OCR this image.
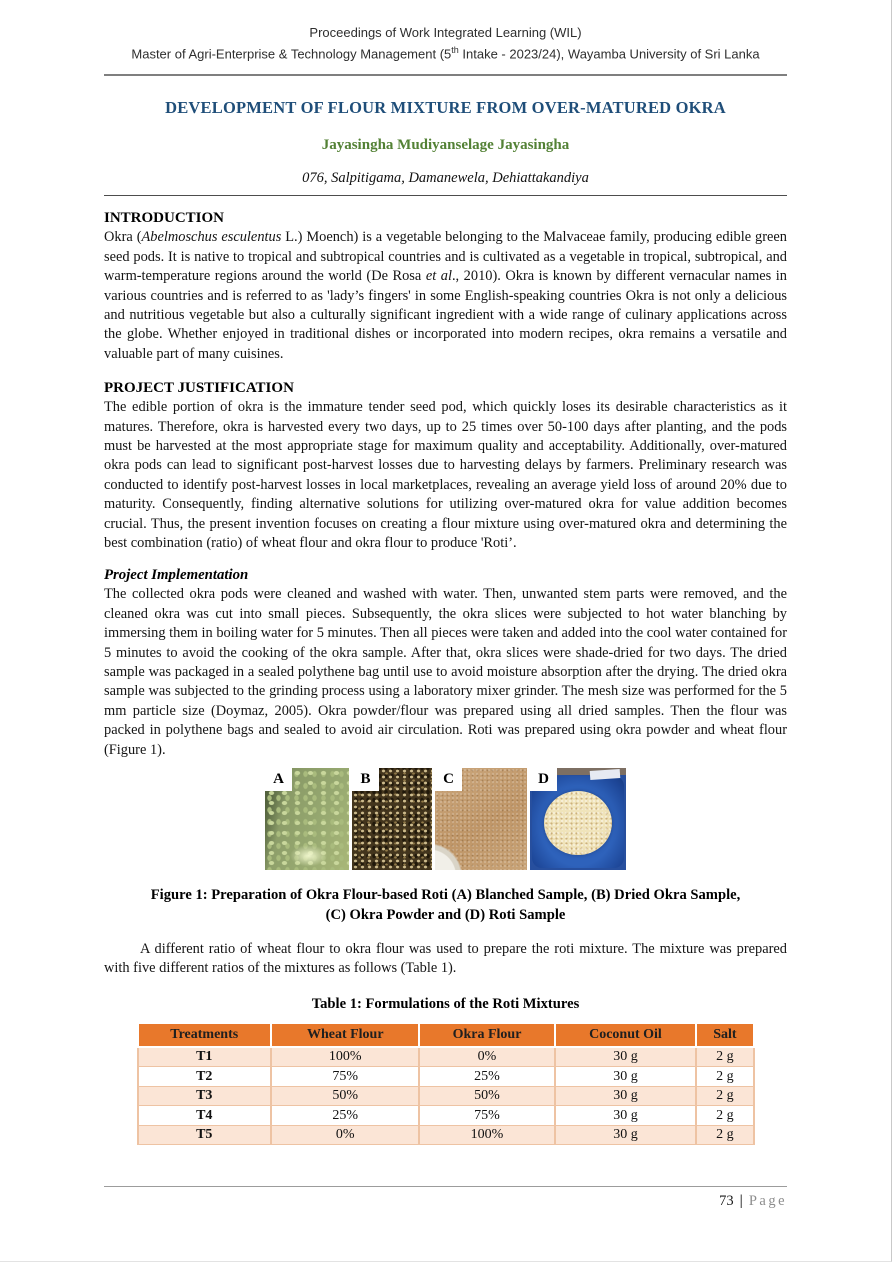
Proceedings of Work Integrated Learning (WIL)
Master of Agri-Enterprise & Technology Management (5th Intake - 2023/24), Wayamba University of Sri Lanka
DEVELOPMENT OF FLOUR MIXTURE FROM OVER-MATURED OKRA
Jayasingha Mudiyanselage Jayasingha
076, Salpitigama, Damanewela, Dehiattakandiya
INTRODUCTION

Okra (Abelmoschus esculentus L.) Moench) is a vegetable belonging to the Malvaceae family, producing edible green seed pods. It is native to tropical and subtropical countries and is cultivated as a vegetable in tropical, subtropical, and warm-temperature regions around the world (De Rosa et al., 2010). Okra is known by different vernacular names in various countries and is referred to as 'lady’s fingers' in some English-speaking countries Okra is not only a delicious and nutritious vegetable but also a culturally significant ingredient with a wide range of culinary applications across the globe. Whether enjoyed in traditional dishes or incorporated into modern recipes, okra remains a versatile and valuable part of many cuisines.

PROJECT JUSTIFICATION

The edible portion of okra is the immature tender seed pod, which quickly loses its desirable characteristics as it matures. Therefore, okra is harvested every two days, up to 25 times over 50-100 days after planting, and the pods must be harvested at the most appropriate stage for maximum quality and acceptability. Additionally, over-matured okra pods can lead to significant post-harvest losses due to harvesting delays by farmers. Preliminary research was conducted to identify post-harvest losses in local marketplaces, revealing an average yield loss of around 20% due to maturity. Consequently, finding alternative solutions for utilizing over-matured okra for value addition becomes crucial. Thus, the present invention focuses on creating a flour mixture using over-matured okra and determining the best combination (ratio) of wheat flour and okra flour to produce 'Roti’.

Project Implementation

The collected okra pods were cleaned and washed with water. Then, unwanted stem parts were removed, and the cleaned okra was cut into small pieces. Subsequently, the okra slices were subjected to hot water blanching by immersing them in boiling water for 5 minutes. Then all pieces were taken and added into the cool water contained for 5 minutes to avoid the cooking of the okra sample. After that, okra slices were shade-dried for two days. The dried sample was packaged in a sealed polythene bag until use to avoid moisture absorption after the drying. The dried okra sample was subjected to the grinding process using a laboratory mixer grinder. The mesh size was performed for the 5 mm particle size (Doymaz, 2005). Okra powder/flour was prepared using all dried samples. Then the flour was packed in polythene bags and sealed to avoid air circulation. Roti was prepared using okra powder and wheat flour (Figure 1).

A	B	C	D
Figure 1: Preparation of Okra Flour-based Roti (A) Blanched Sample, (B) Dried Okra Sample,
(C) Okra Powder and (D) Roti Sample

A different ratio of wheat flour to okra flour was used to prepare the roti mixture. The mixture was prepared with five different ratios of the mixtures as follows (Table 1).

Table 1: Formulations of the Roti Mixtures
Treatments	Wheat Flour	Okra Flour	Coconut Oil	Salt
T1	100%	0%	30 g	2 g
T2	75%	25%	30 g	2 g
T3	50%	50%	30 g	2 g
T4	25%	75%	30 g	2 g
T5	0%	100%	30 g	2 g
73 | Page
